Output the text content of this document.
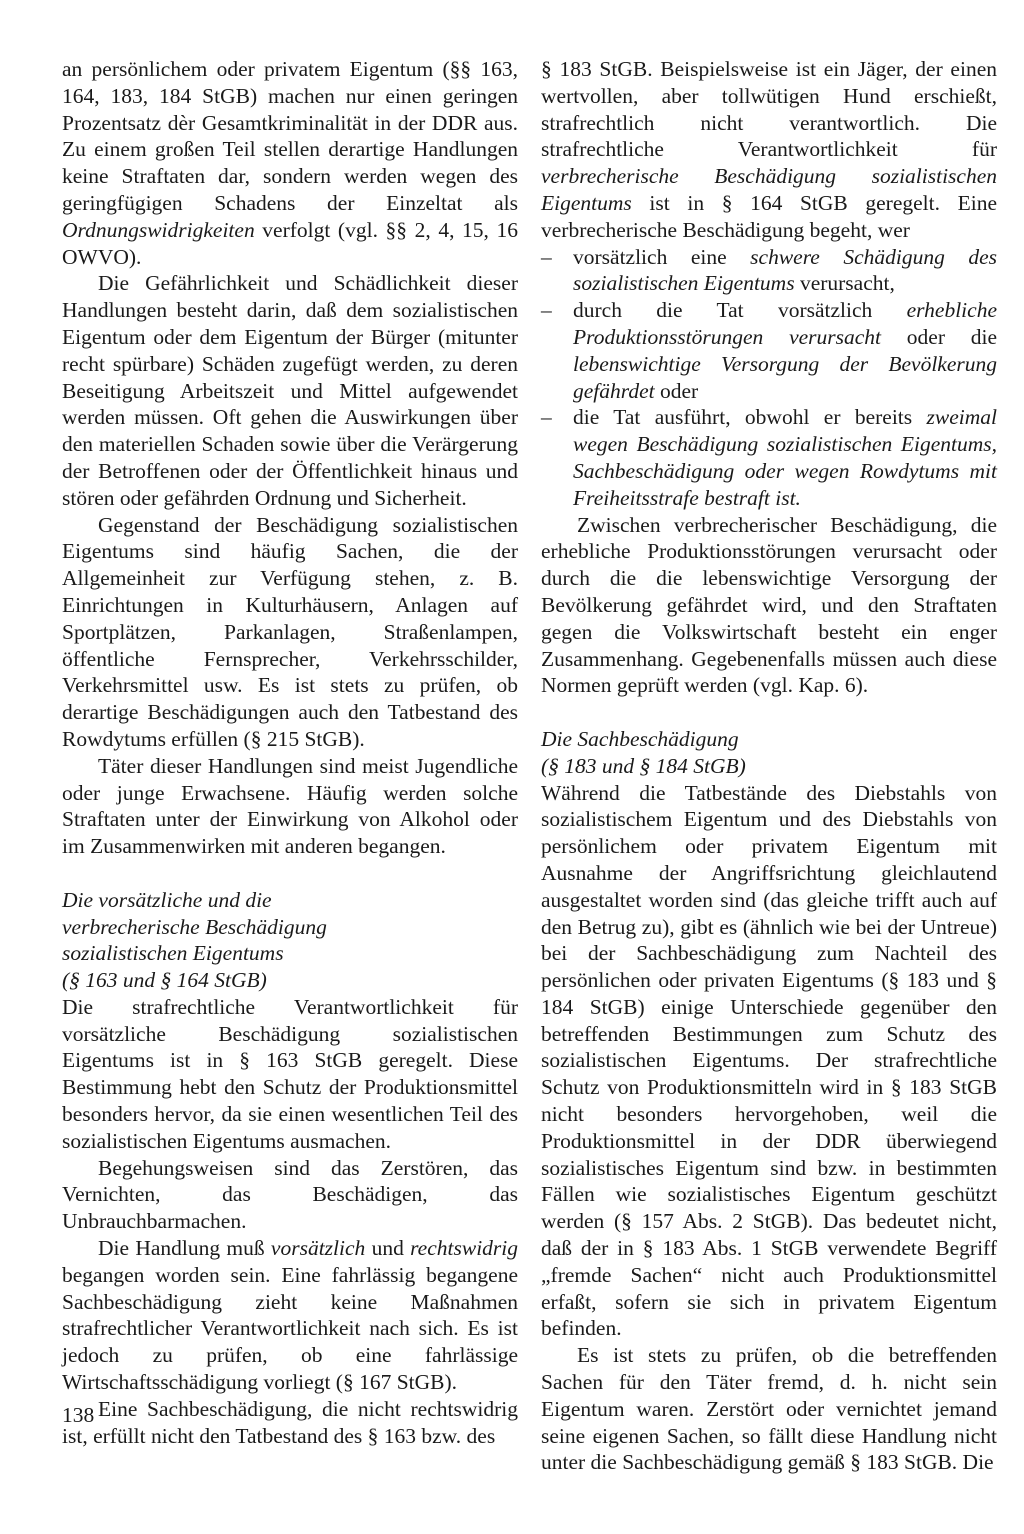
an persönlichem oder privatem Eigentum (§§ 163, 164, 183, 184 StGB) machen nur einen geringen Prozentsatz dèr Gesamtkriminalität in der DDR aus. Zu einem großen Teil stellen derartige Handlungen keine Straftaten dar, sondern werden wegen des geringfügigen Schadens der Einzeltat als Ordnungswidrigkeiten verfolgt (vgl. §§ 2, 4, 15, 16 OWVO).

Die Gefährlichkeit und Schädlichkeit dieser Handlungen besteht darin, daß dem sozialistischen Eigentum oder dem Eigentum der Bürger (mitunter recht spürbare) Schäden zugefügt werden, zu deren Beseitigung Arbeitszeit und Mittel aufgewendet werden müssen. Oft gehen die Auswirkungen über den materiellen Schaden sowie über die Verärgerung der Betroffenen oder der Öffentlichkeit hinaus und stören oder gefährden Ordnung und Sicherheit.

Gegenstand der Beschädigung sozialistischen Eigentums sind häufig Sachen, die der Allgemeinheit zur Verfügung stehen, z. B. Einrichtungen in Kulturhäusern, Anlagen auf Sportplätzen, Parkanlagen, Straßenlampen, öffentliche Fernsprecher, Verkehrsschilder, Verkehrsmittel usw. Es ist stets zu prüfen, ob derartige Beschädigungen auch den Tatbestand des Rowdytums erfüllen (§ 215 StGB).

Täter dieser Handlungen sind meist Jugendliche oder junge Erwachsene. Häufig werden solche Straftaten unter der Einwirkung von Alkohol oder im Zusammenwirken mit anderen begangen.

Die vorsätzliche und die
verbrecherische Beschädigung
sozialistischen Eigentums
(§ 163 und § 164 StGB)

Die strafrechtliche Verantwortlichkeit für vorsätzliche Beschädigung sozialistischen Eigentums ist in § 163 StGB geregelt. Diese Bestimmung hebt den Schutz der Produktionsmittel besonders hervor, da sie einen wesentlichen Teil des sozialistischen Eigentums ausmachen.

Begehungsweisen sind das Zerstören, das Vernichten, das Beschädigen, das Unbrauchbarmachen.

Die Handlung muß vorsätzlich und rechtswidrig begangen worden sein. Eine fahrlässig begangene Sachbeschädigung zieht keine Maßnahmen strafrechtlicher Verantwortlichkeit nach sich. Es ist jedoch zu prüfen, ob eine fahrlässige Wirtschaftsschädigung vorliegt (§ 167 StGB).

Eine Sachbeschädigung, die nicht rechtswidrig ist, erfüllt nicht den Tatbestand des § 163 bzw. des

§ 183 StGB. Beispielsweise ist ein Jäger, der einen wertvollen, aber tollwütigen Hund erschießt, strafrechtlich nicht verantwortlich. Die strafrechtliche Verantwortlichkeit für verbrecherische Beschädigung sozialistischen Eigentums ist in § 164 StGB geregelt. Eine verbrecherische Beschädigung begeht, wer

– vorsätzlich eine schwere Schädigung des sozialistischen Eigentums verursacht,
– durch die Tat vorsätzlich erhebliche Produktionsstörungen verursacht oder die lebenswichtige Versorgung der Bevölkerung gefährdet oder
– die Tat ausführt, obwohl er bereits zweimal wegen Beschädigung sozialistischen Eigentums, Sachbeschädigung oder wegen Rowdytums mit Freiheitsstrafe bestraft ist.

Zwischen verbrecherischer Beschädigung, die erhebliche Produktionsstörungen verursacht oder durch die die lebenswichtige Versorgung der Bevölkerung gefährdet wird, und den Straftaten gegen die Volkswirtschaft besteht ein enger Zusammenhang. Gegebenenfalls müssen auch diese Normen geprüft werden (vgl. Kap. 6).

Die Sachbeschädigung
(§ 183 und § 184 StGB)

Während die Tatbestände des Diebstahls von sozialistischem Eigentum und des Diebstahls von persönlichem oder privatem Eigentum mit Ausnahme der Angriffsrichtung gleichlautend ausgestaltet worden sind (das gleiche trifft auch auf den Betrug zu), gibt es (ähnlich wie bei der Untreue) bei der Sachbeschädigung zum Nachteil des persönlichen oder privaten Eigentums (§ 183 und § 184 StGB) einige Unterschiede gegenüber den betreffenden Bestimmungen zum Schutz des sozialistischen Eigentums. Der strafrechtliche Schutz von Produktionsmitteln wird in § 183 StGB nicht besonders hervorgehoben, weil die Produktionsmittel in der DDR überwiegend sozialistisches Eigentum sind bzw. in bestimmten Fällen wie sozialistisches Eigentum geschützt werden (§ 157 Abs. 2 StGB). Das bedeutet nicht, daß der in § 183 Abs. 1 StGB verwendete Begriff „fremde Sachen“ nicht auch Produktionsmittel erfaßt, sofern sie sich in privatem Eigentum befinden.

Es ist stets zu prüfen, ob die betreffenden Sachen für den Täter fremd, d. h. nicht sein Eigentum waren. Zerstört oder vernichtet jemand seine eigenen Sachen, so fällt diese Handlung nicht unter die Sachbeschädigung gemäß § 183 StGB. Die

138
